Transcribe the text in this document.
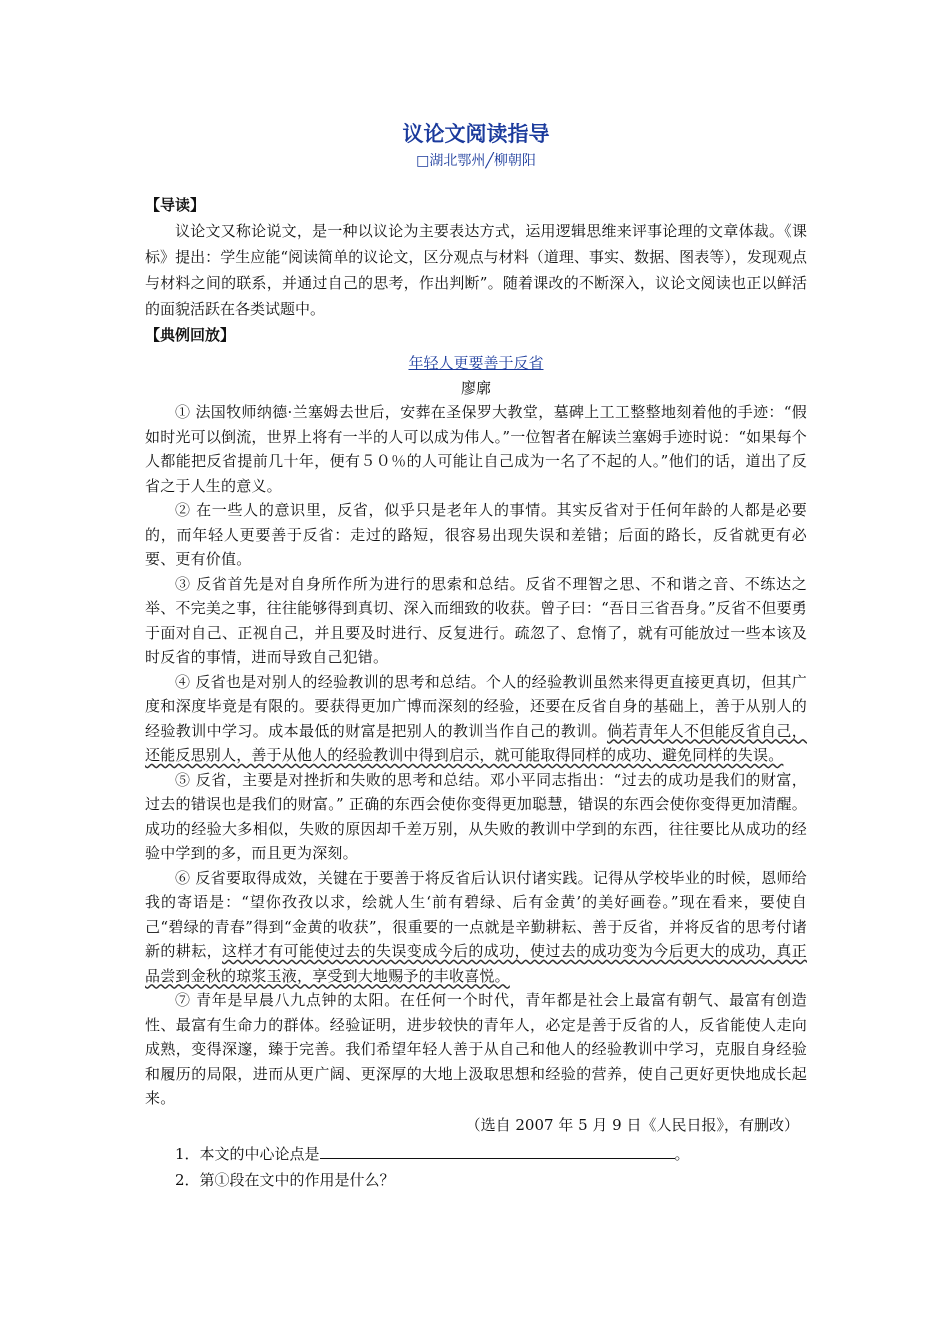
议论文阅读指导

□湖北鄂州╱柳朝阳

【导读】

议论文又称论说文，是一种以议论为主要表达方式，运用逻辑思维来评事论理的文章体裁。《课标》提出：学生应能“阅读简单的议论文，区分观点与材料（道理、事实、数据、图表等），发现观点与材料之间的联系，并通过自己的思考，作出判断”。随着课改的不断深入，议论文阅读也正以鲜活的面貌活跃在各类试题中。

【典例回放】

年轻人更要善于反省

廖廓

① 法国牧师纳德·兰塞姆去世后，安葬在圣保罗大教堂，墓碑上工工整整地刻着他的手迹：“假如时光可以倒流，世界上将有一半的人可以成为伟人。”一位智者在解读兰塞姆手迹时说：“如果每个人都能把反省提前几十年，便有５０％的人可能让自己成为一名了不起的人。”他们的话，道出了反省之于人生的意义。

② 在一些人的意识里，反省，似乎只是老年人的事情。其实反省对于任何年龄的人都是必要的，而年轻人更要善于反省：走过的路短，很容易出现失误和差错；后面的路长，反省就更有必要、更有价值。

③ 反省首先是对自身所作所为进行的思索和总结。反省不理智之思、不和谐之音、不练达之举、不完美之事，往往能够得到真切、深入而细致的收获。曾子曰：“吾日三省吾身。”反省不但要勇于面对自己、正视自己，并且要及时进行、反复进行。疏忽了、怠惰了，就有可能放过一些本该及时反省的事情，进而导致自己犯错。

④ 反省也是对别人的经验教训的思考和总结。个人的经验教训虽然来得更直接更真切，但其广度和深度毕竟是有限的。要获得更加广博而深刻的经验，还要在反省自身的基础上，善于从别人的经验教训中学习。成本最低的财富是把别人的教训当作自己的教训。倘若青年人不但能反省自己，还能反思别人，善于从他人的经验教训中得到启示，就可能取得同样的成功、避免同样的失误。

⑤ 反省，主要是对挫折和失败的思考和总结。邓小平同志指出：“过去的成功是我们的财富，过去的错误也是我们的财富。” 正确的东西会使你变得更加聪慧，错误的东西会使你变得更加清醒。成功的经验大多相似，失败的原因却千差万别，从失败的教训中学到的东西，往往要比从成功的经验中学到的多，而且更为深刻。

⑥ 反省要取得成效，关键在于要善于将反省后认识付诸实践。记得从学校毕业的时候，恩师给我的寄语是：“望你孜孜以求，绘就人生‘前有碧绿、后有金黄’的美好画卷。”现在看来，要使自己“碧绿的青春”得到“金黄的收获”，很重要的一点就是辛勤耕耘、善于反省，并将反省的思考付诸新的耕耘，这样才有可能使过去的失误变成今后的成功，使过去的成功变为今后更大的成功，真正品尝到金秋的琼浆玉液，享受到大地赐予的丰收喜悦。

⑦ 青年是早晨八九点钟的太阳。在任何一个时代，青年都是社会上最富有朝气、最富有创造性、最富有生命力的群体。经验证明，进步较快的青年人，必定是善于反省的人，反省能使人走向成熟，变得深邃，臻于完善。我们希望年轻人善于从自己和他人的经验教训中学习，克服自身经验和履历的局限，进而从更广阔、更深厚的大地上汲取思想和经验的营养，使自己更好更快地成长起来。

（选自 2007 年 5 月 9 日《人民日报》，有删改）

1．本文的中心论点是	。

2．第①段在文中的作用是什么？
